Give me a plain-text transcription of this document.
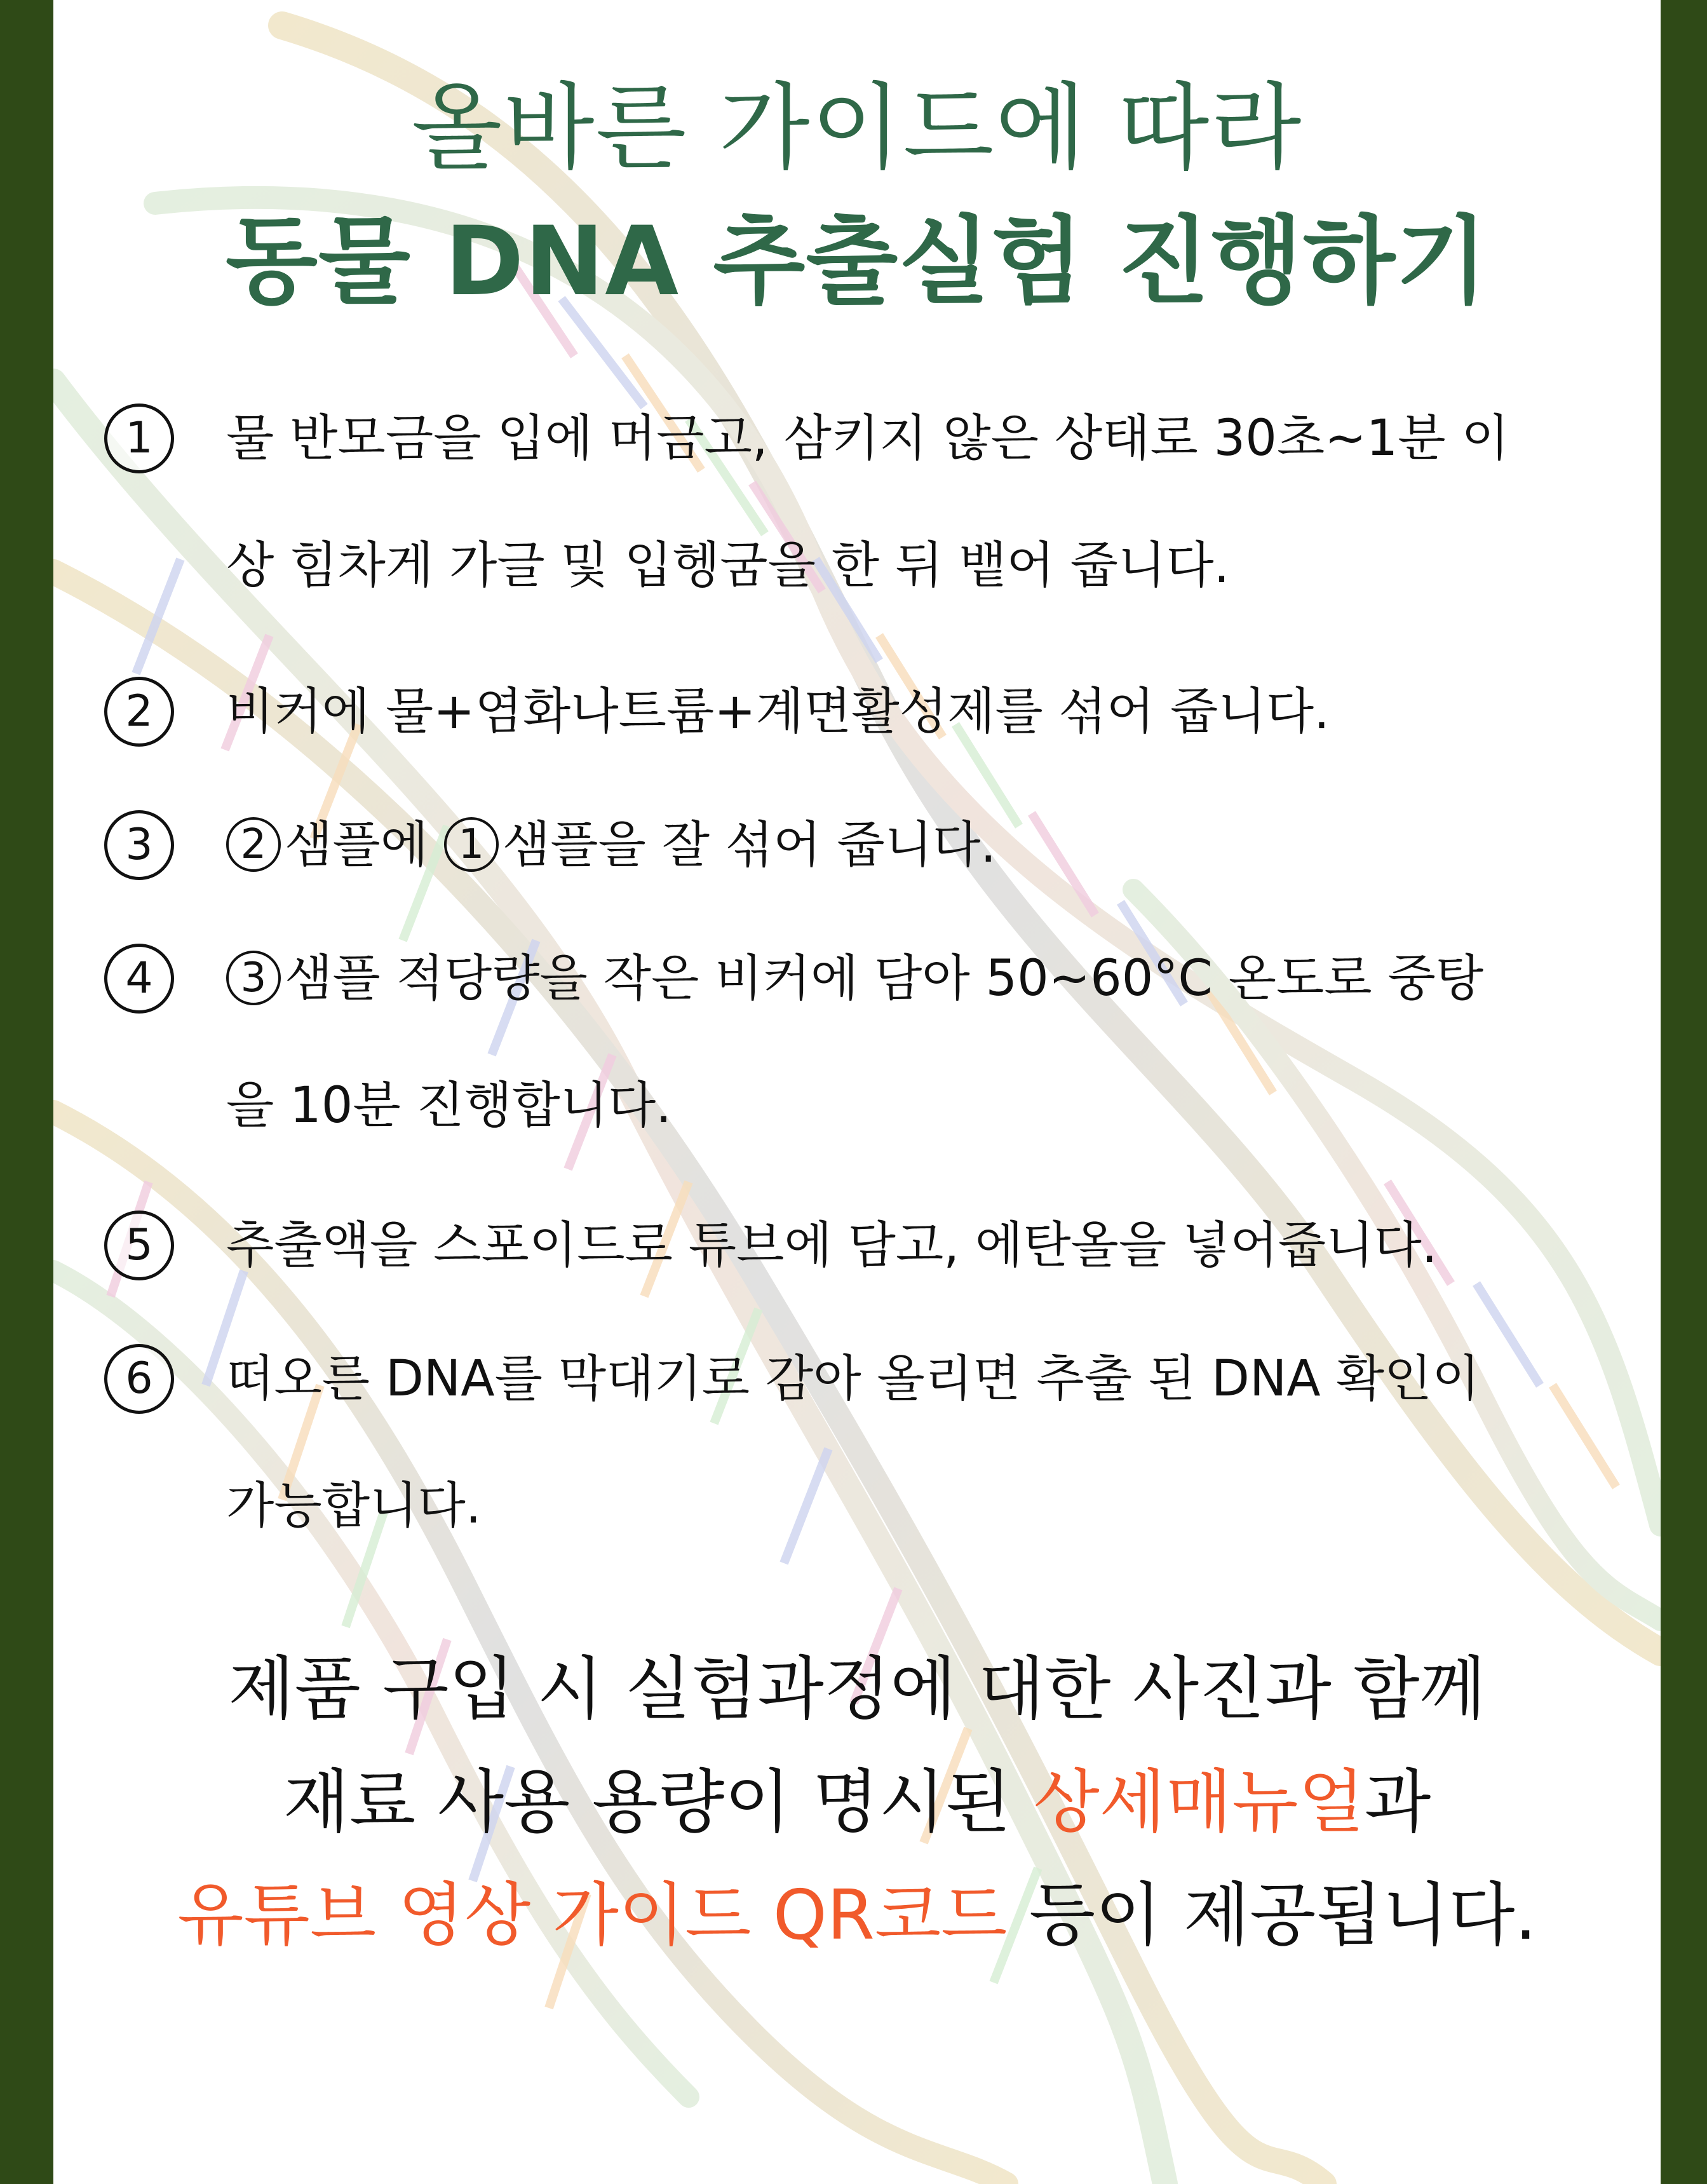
올바른 가이드에 따라
동물 DNA 추출실험 진행하기
1	물 반모금을 입에 머금고, 삼키지 않은 상태로 30초~1분 이
상 힘차게 가글 및 입헹굼을 한 뒤 뱉어 줍니다.
2	비커에 물+염화나트륨+계면활성제를 섞어 줍니다.
3	2 샘플에 1 샘플을 잘 섞어 줍니다.
4	3 샘플 적당량을 작은 비커에 담아 50~60°C 온도로 중탕
을 10분 진행합니다.
5	추출액을 스포이드로 튜브에 담고, 에탄올을 넣어줍니다.
6	떠오른 DNA를 막대기로 감아 올리면 추출 된 DNA 확인이
가능합니다.
제품 구입 시 실험과정에 대한 사진과 함께
재료 사용 용량이 명시된 상세매뉴얼과
유튜브 영상 가이드 QR코드 등이 제공됩니다.
